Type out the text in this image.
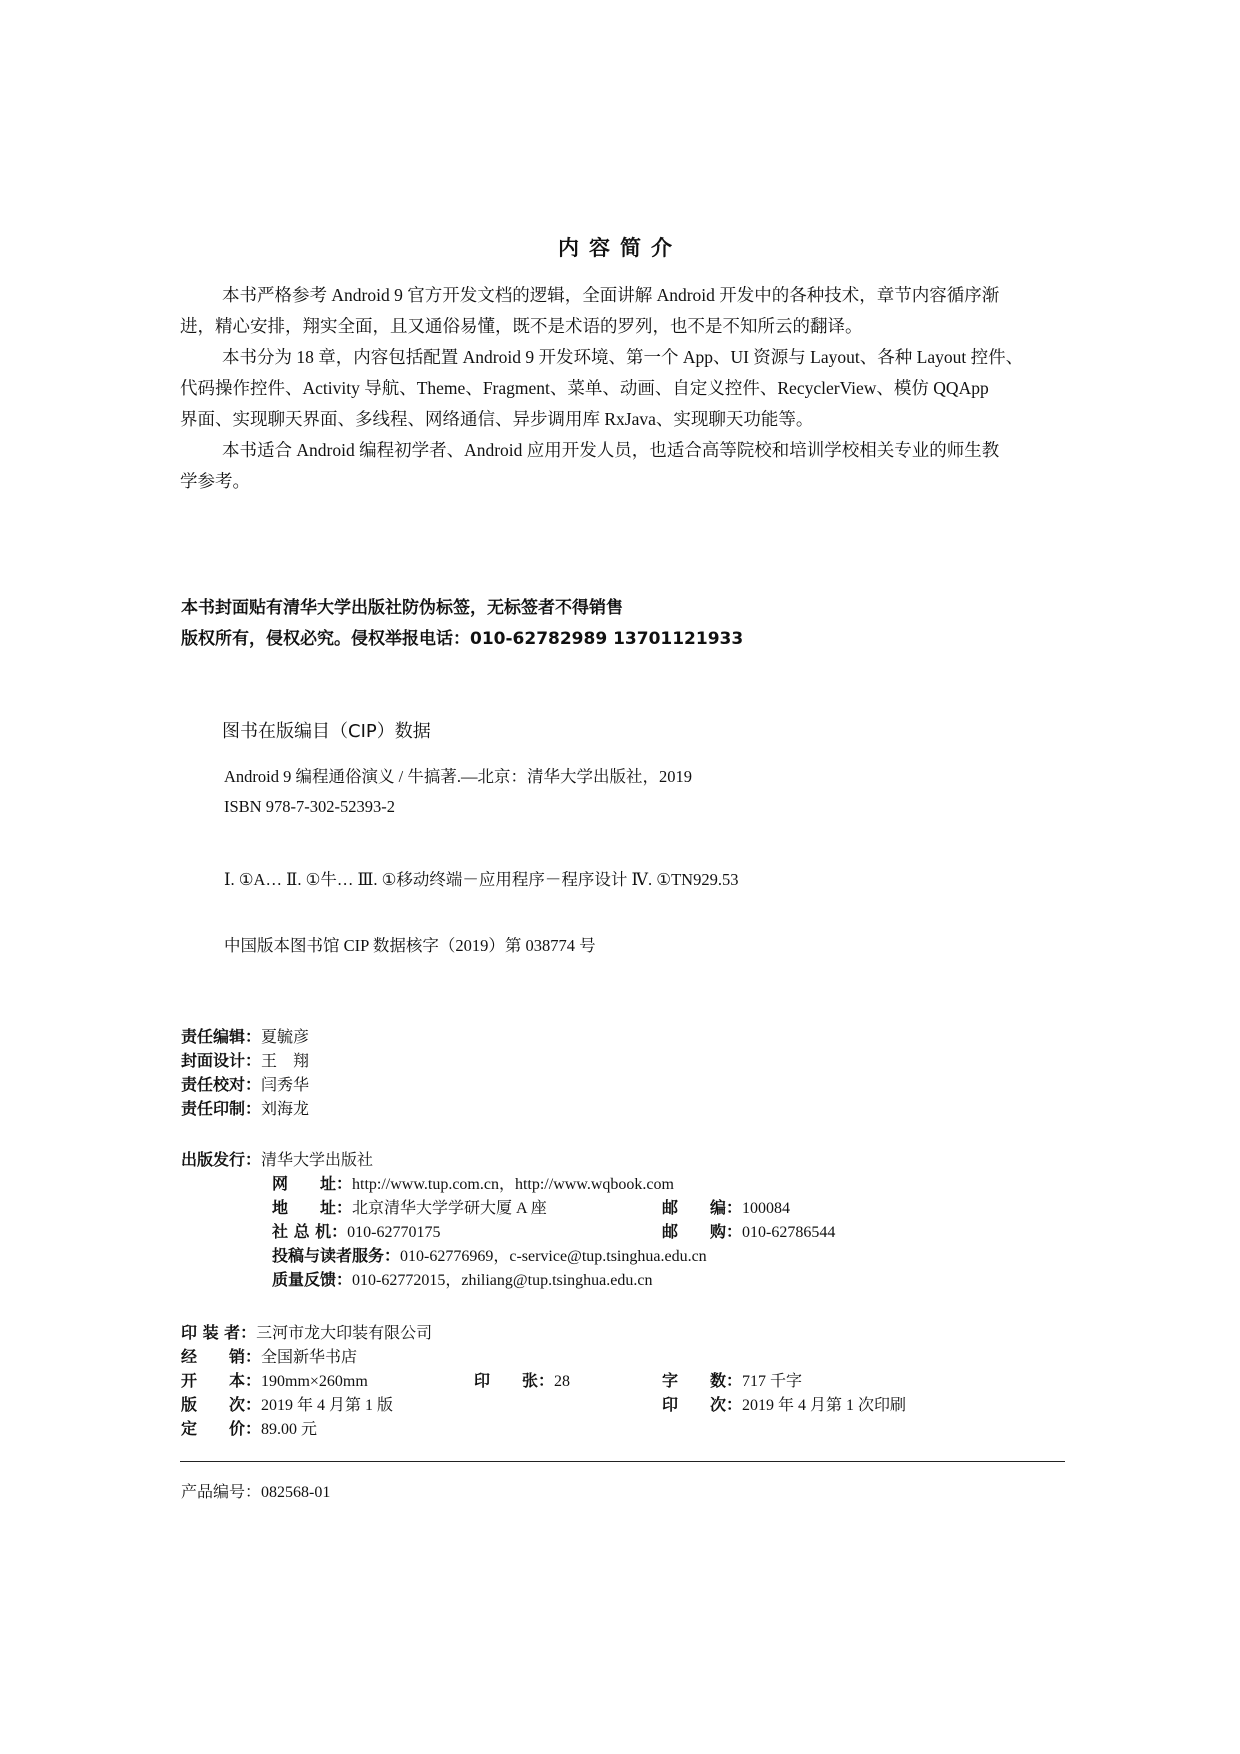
内容简介
本书严格参考 Android 9 官方开发文档的逻辑，全面讲解 Android 开发中的各种技术，章节内容循序渐
进，精心安排，翔实全面，且又通俗易懂，既不是术语的罗列，也不是不知所云的翻译。
本书分为 18 章，内容包括配置 Android 9 开发环境、第一个 App、UI 资源与 Layout、各种 Layout 控件、
代码操作控件、Activity 导航、Theme、Fragment、菜单、动画、自定义控件、RecyclerView、模仿 QQApp
界面、实现聊天界面、多线程、网络通信、异步调用库 RxJava、实现聊天功能等。
本书适合 Android 编程初学者、Android 应用开发人员，也适合高等院校和培训学校相关专业的师生教
学参考。
本书封面贴有清华大学出版社防伪标签，无标签者不得销售
版权所有，侵权必究。侵权举报电话：010-62782989 13701121933
图书在版编目（CIP）数据
Android 9 编程通俗演义 / 牛搞著.—北京：清华大学出版社，2019
ISBN 978-7-302-52393-2
Ⅰ. ①A… Ⅱ. ①牛… Ⅲ. ①移动终端－应用程序－程序设计 Ⅳ. ①TN929.53
中国版本图书馆 CIP 数据核字（2019）第 038774 号
责任编辑：夏毓彦
封面设计：王　翔
责任校对：闫秀华
责任印制：刘海龙
出版发行：清华大学出版社
网　　址：http://www.tup.com.cn，http://www.wqbook.com
地　　址：北京清华大学学研大厦 A 座	邮　　编：100084
社 总 机：010-62770175	邮　　购：010-62786544
投稿与读者服务：010-62776969，c-service@tup.tsinghua.edu.cn
质量反馈：010-62772015，zhiliang@tup.tsinghua.edu.cn
印 装 者：三河市龙大印装有限公司
经　　销：全国新华书店
开　　本：190mm×260mm	印　　张：28	字　　数：717 千字
版　　次：2019 年 4 月第 1 版	印　　次：2019 年 4 月第 1 次印刷
定　　价：89.00 元
产品编号：082568-01
